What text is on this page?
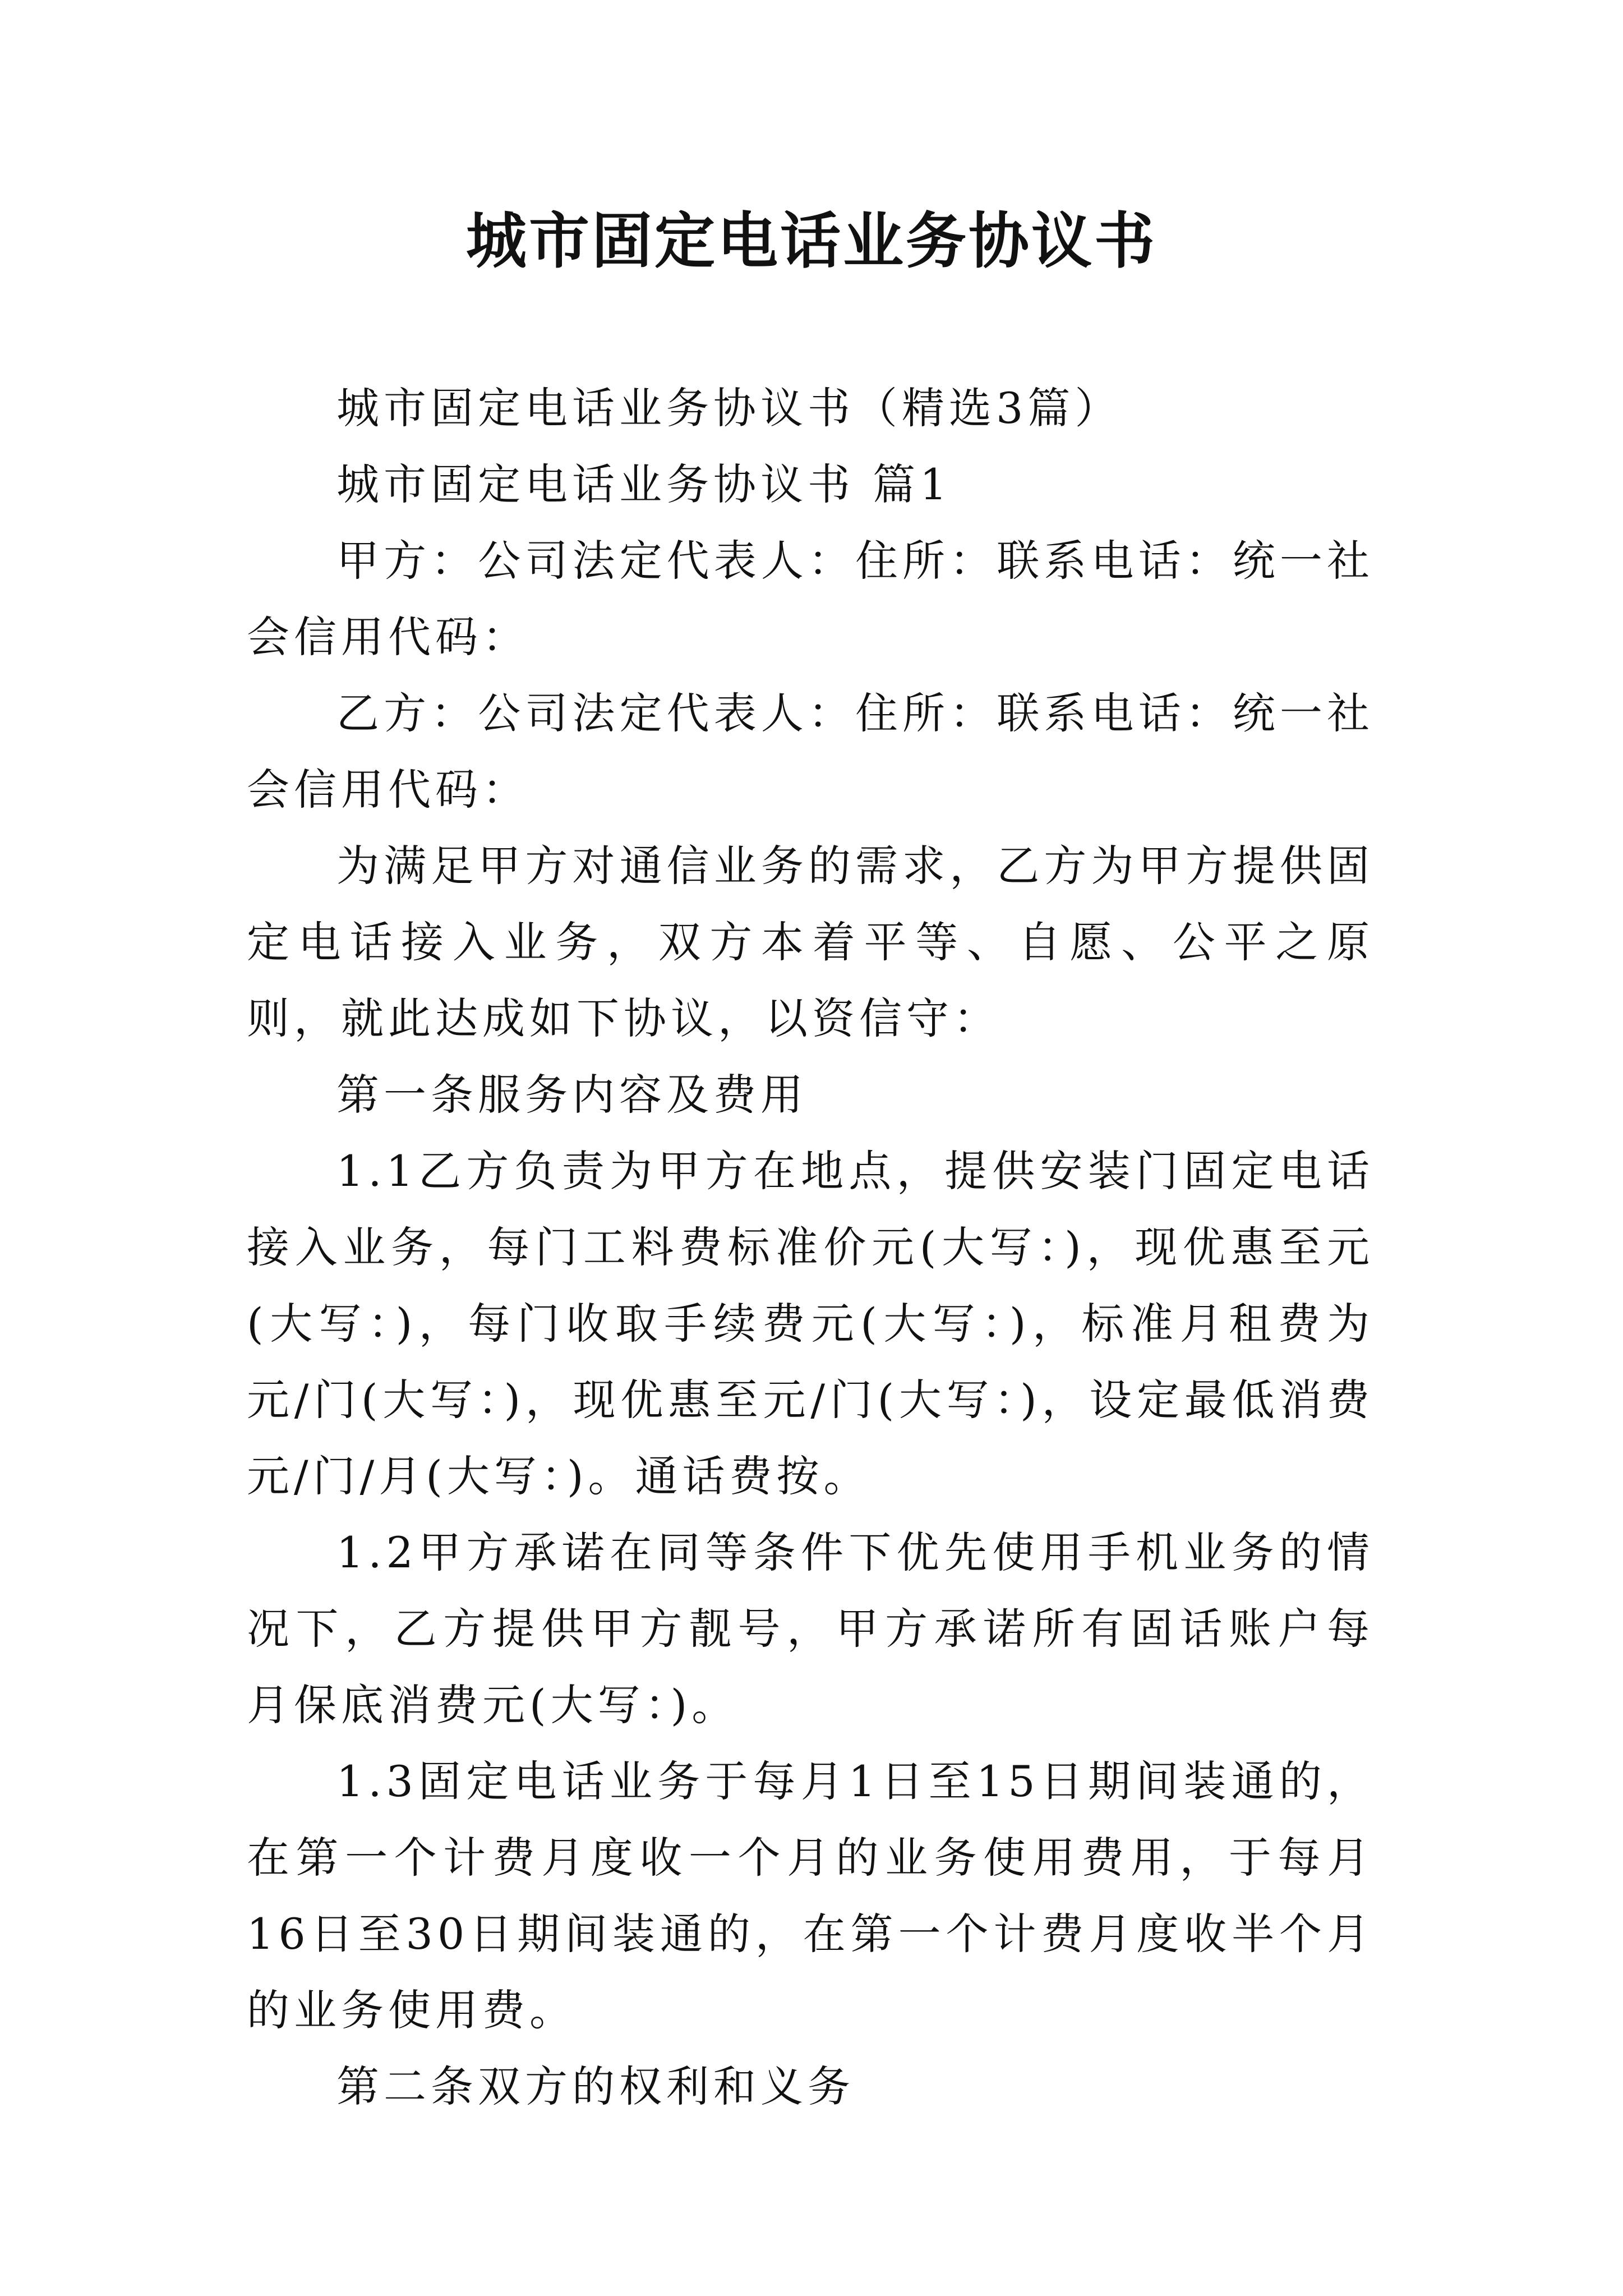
城市固定电话业务协议书

城市固定电话业务协议书（精选3篇）

城市固定电话业务协议书 篇1

甲方：公司法定代表人：住所：联系电话：统一社会信用代码：

乙方：公司法定代表人：住所：联系电话：统一社会信用代码：

为满足甲方对通信业务的需求，乙方为甲方提供固定电话接入业务，双方本着平等、自愿、公平之原则，就此达成如下协议，以资信守：

第一条服务内容及费用

1.1乙方负责为甲方在地点，提供安装门固定电话接入业务，每门工料费标准价元(大写：)，现优惠至元(大写：)，每门收取手续费元(大写：)，标准月租费为元/门(大写：)，现优惠至元/门(大写：)，设定最低消费元/门/月(大写：)。通话费按。

1.2甲方承诺在同等条件下优先使用手机业务的情况下，乙方提供甲方靓号，甲方承诺所有固话账户每月保底消费元(大写：)。

1.3固定电话业务于每月1日至15日期间装通的，在第一个计费月度收一个月的业务使用费用，于每月16日至30日期间装通的，在第一个计费月度收半个月的业务使用费。

第二条双方的权利和义务
